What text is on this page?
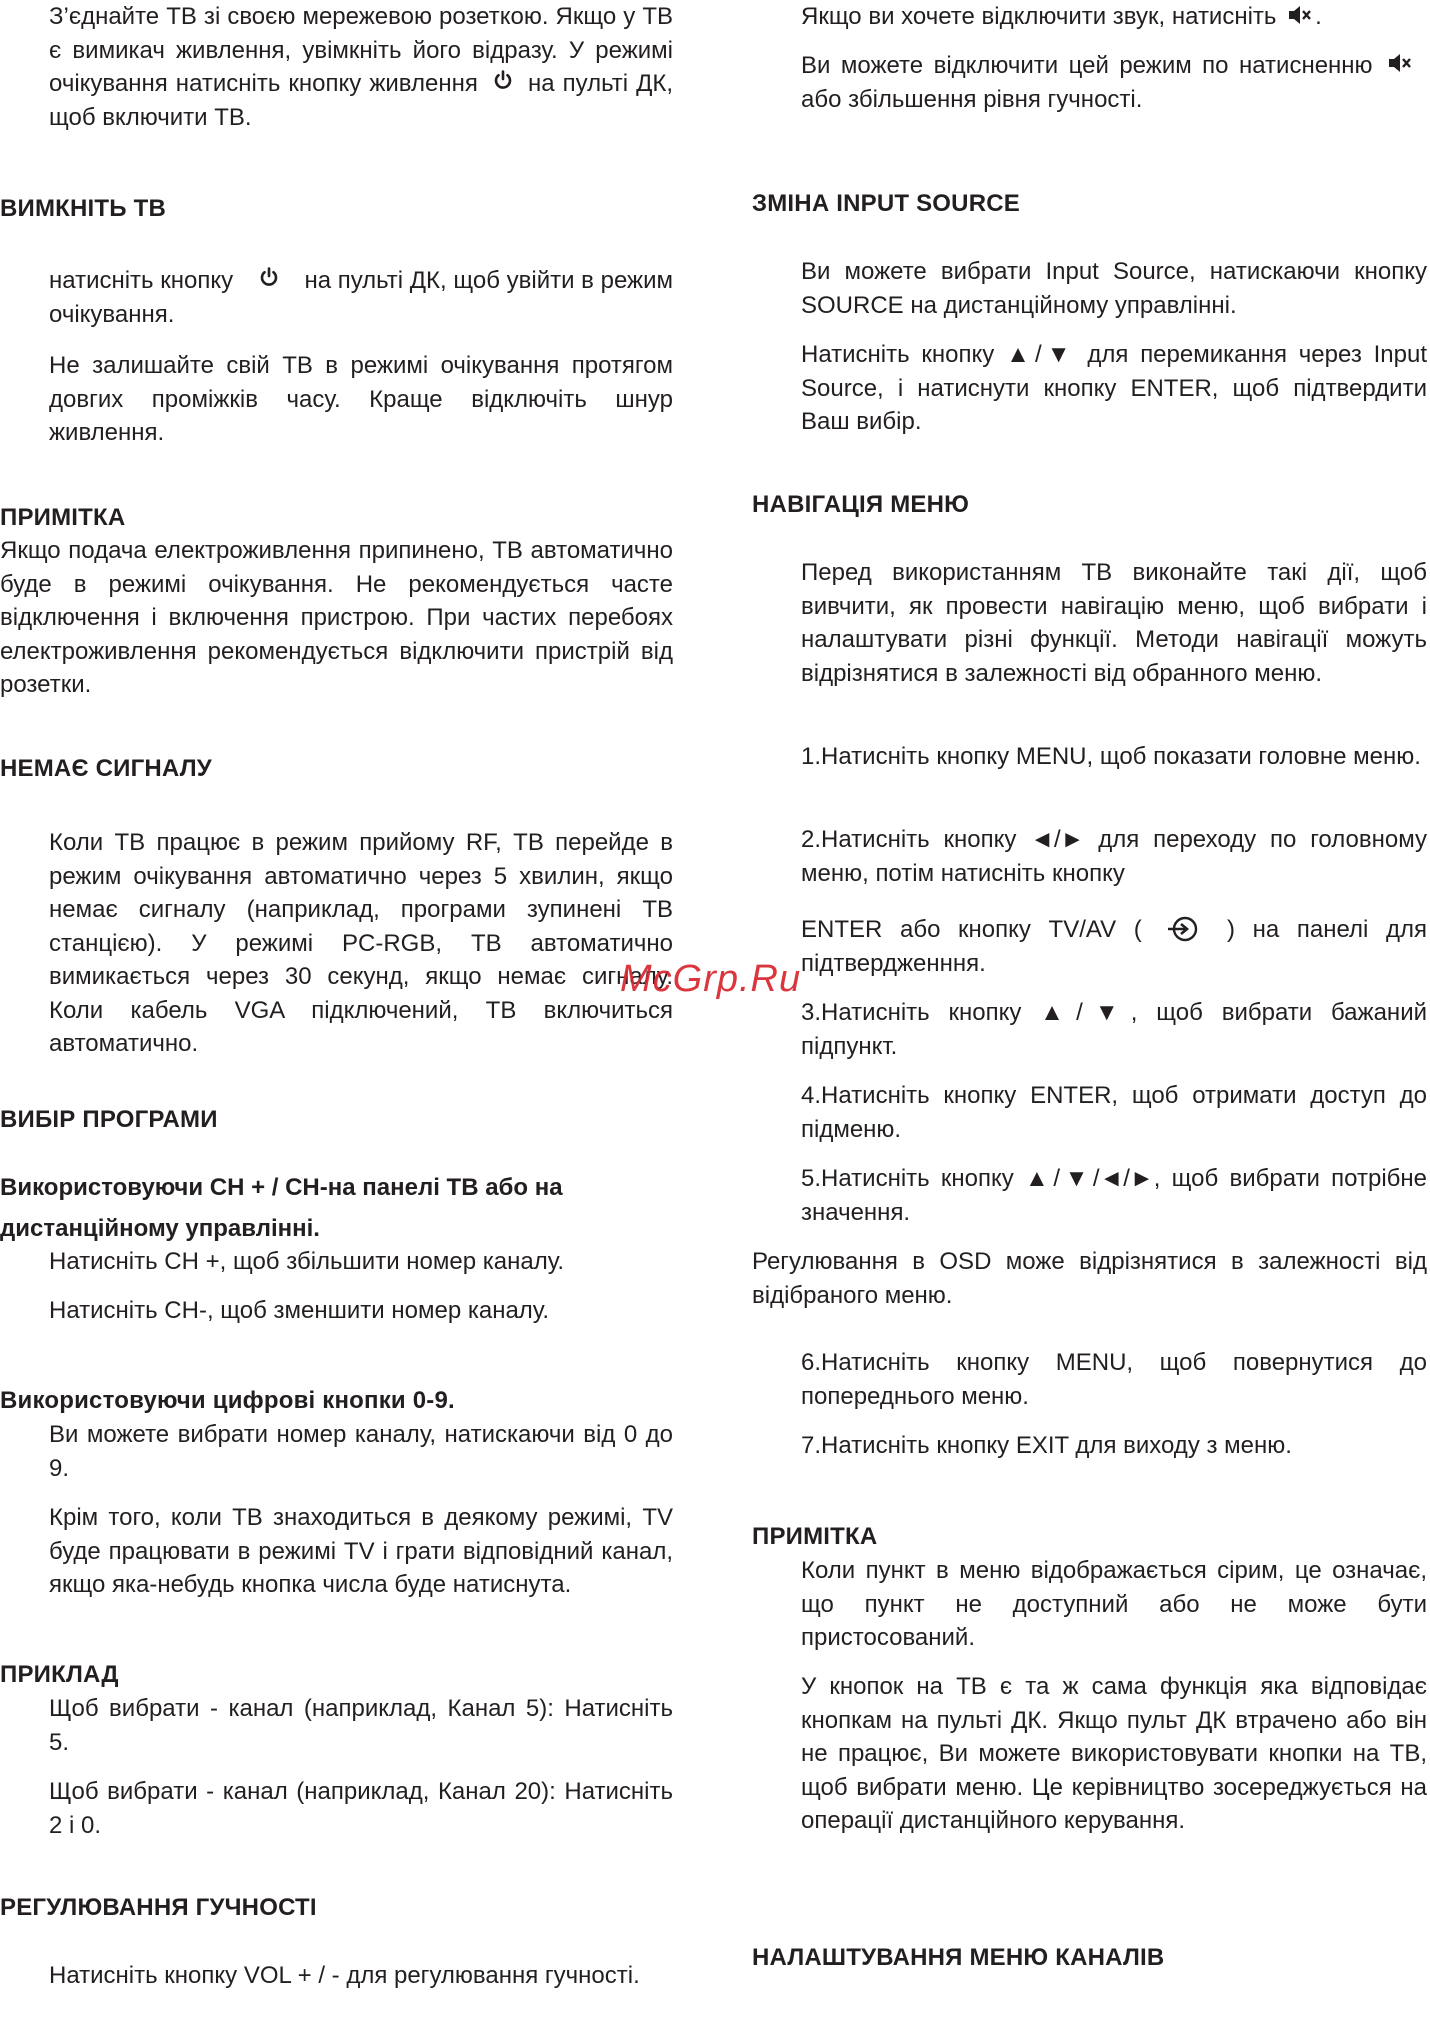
З’єднайте ТВ зі своєю мережевою розеткою. Якщо у ТВ є вимикач живлення, увімкніть його відразу. У режимі очікування натисніть кнопку живлення на пульті ДК, щоб включити ТВ.

ВИМКНІТЬ ТВ

натисніть кнопку	на пульті ДК, щоб увійти в режим очікування.

Не залишайте свій ТВ в режимі очікування протягом довгих проміжків часу. Краще відключіть шнур живлення.

ПРИМІТКА

Якщо подача електроживлення припинено, ТВ автоматично буде в режимі очікування. Не рекомендується часте відключення і включення пристрою. При частих перебоях електроживлення рекомендується відключити пристрій від розетки.

НЕМАЄ СИГНАЛУ

Коли ТВ працює в режим прийому RF, ТВ перейде в режим очікування автоматично через 5 хвилин, якщо немає сигналу (наприклад, програми зупинені ТВ станцією). У режимі PC-RGB, ТВ автоматично вимикається через 30 секунд, якщо немає сигналу. Коли кабель VGA підключений, ТВ включиться автоматично.

ВИБІР ПРОГРАМИ

Використовуючи CH + / CH-на панелі ТВ або на дистанційному управлінні.

Натисніть CH +, щоб збільшити номер каналу.

Натисніть CH-, щоб зменшити номер каналу.

Використовуючи цифрові кнопки 0-9.

Ви можете вибрати номер каналу, натискаючи від 0 до 9.

Крім того, коли ТВ знаходиться в деякому режимі, TV буде працювати в режимі TV і грати відповідний канал, якщо яка-небудь кнопка числа буде натиснута.

ПРИКЛАД

Щоб вибрати - канал (наприклад, Канал 5): Натисніть 5.

Щоб вибрати - канал (наприклад, Канал 20): Натисніть 2 і 0.

РЕГУЛЮВАННЯ ГУЧНОСТІ

Натисніть кнопку VOL + / - для регулювання гучності.

Якщо ви хочете відключити звук, натисніть .

Ви можете відключити цей режим по натисненню  або збільшення рівня гучності.

ЗМІНА INPUT SOURCE

Ви можете вибрати Input Source, натискаючи кнопку SOURCE на дистанційному управлінні.

Натисніть кнопку ▲/▼ для перемикання через Input Source, і натиснути кнопку ENTER, щоб підтвердити Ваш вибір.

НАВІГАЦІЯ МЕНЮ

Перед використанням ТВ виконайте такі дії, щоб вивчити, як провести навігацію меню, щоб вибрати і налаштувати різні функції. Методи навігації можуть відрізнятися в залежності від обранного меню.

1.Натисніть кнопку MENU, щоб показати головне меню.

2.Натисніть кнопку ◄/► для переходу по головному меню, потім натисніть кнопку

ENTER або кнопку TV/AV (	) на панелі для підтвердженння.

3.Натисніть кнопку ▲/▼, щоб вибрати бажаний підпункт.

4.Натисніть кнопку ENTER, щоб отримати доступ до підменю.

5.Натисніть кнопку ▲/▼/◄/►, щоб вибрати потрібне значення.

Регулювання в OSD може відрізнятися в залежності від відібраного меню.

6.Натисніть кнопку MENU, щоб повернутися до попереднього меню.

7.Натисніть кнопку EXIT для виходу з меню.

ПРИМІТКА

Коли пункт в меню відображається сірим, це означає, що пункт не доступний або не може бути пристосований.

У кнопок на ТВ є та ж сама функція яка відповідає кнопкам на пульті ДК. Якщо пульт ДК втрачено або він не працює, Ви можете використовувати кнопки на ТВ, щоб вибрати меню. Це керівництво зосереджується на операції дистанційного керування.

НАЛАШТУВАННЯ МЕНЮ КАНАЛІВ
McGrp.Ru
